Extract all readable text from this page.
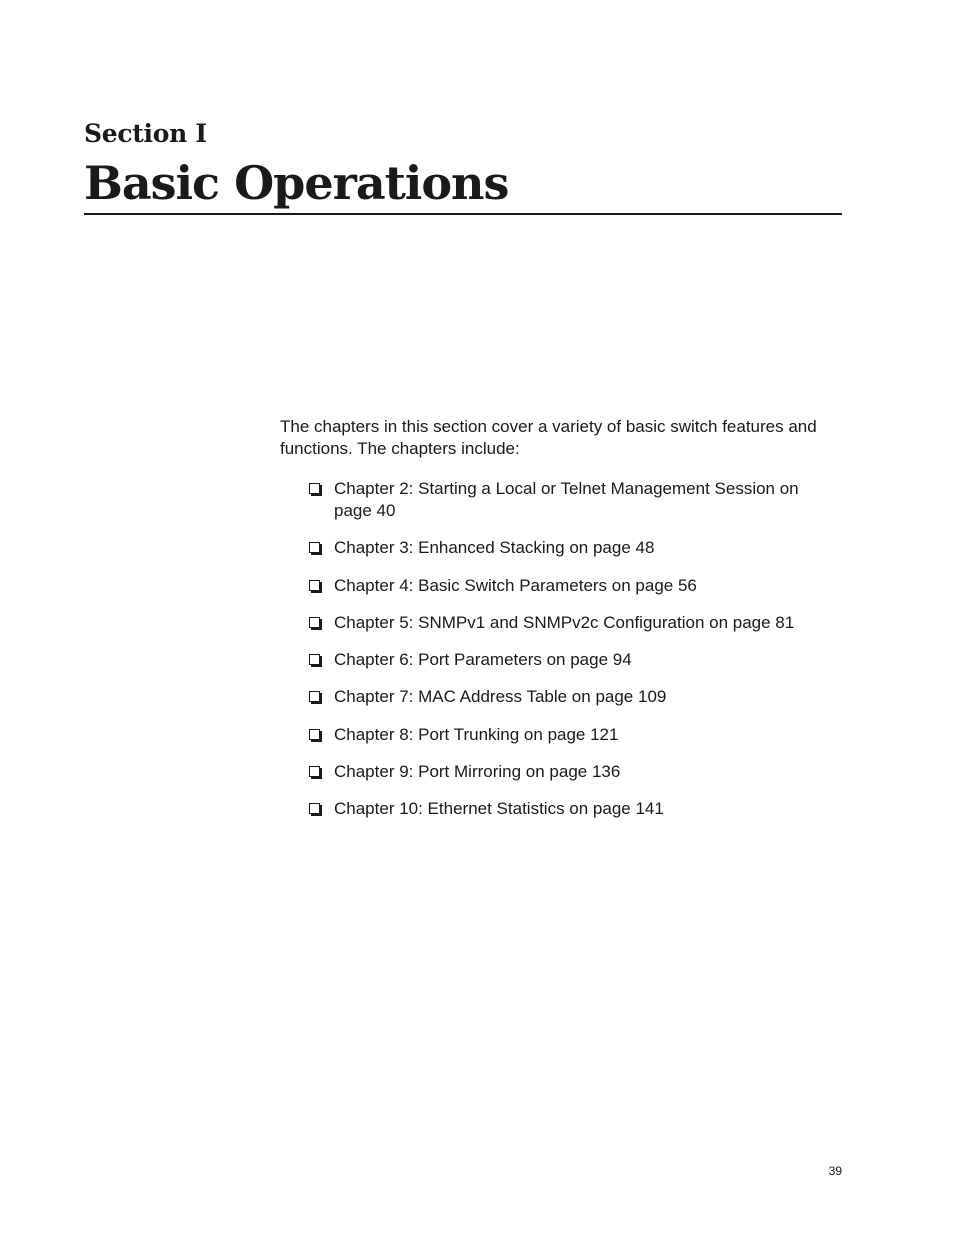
Section I
Basic Operations

The chapters in this section cover a variety of basic switch features and functions. The chapters include:

Chapter 2: Starting a Local or Telnet Management Session on page 40
Chapter 3: Enhanced Stacking on page 48
Chapter 4: Basic Switch Parameters on page 56
Chapter 5: SNMPv1 and SNMPv2c Configuration on page 81
Chapter 6: Port Parameters on page 94
Chapter 7: MAC Address Table on page 109
Chapter 8: Port Trunking on page 121
Chapter 9: Port Mirroring on page 136
Chapter 10: Ethernet Statistics on page 141

39
